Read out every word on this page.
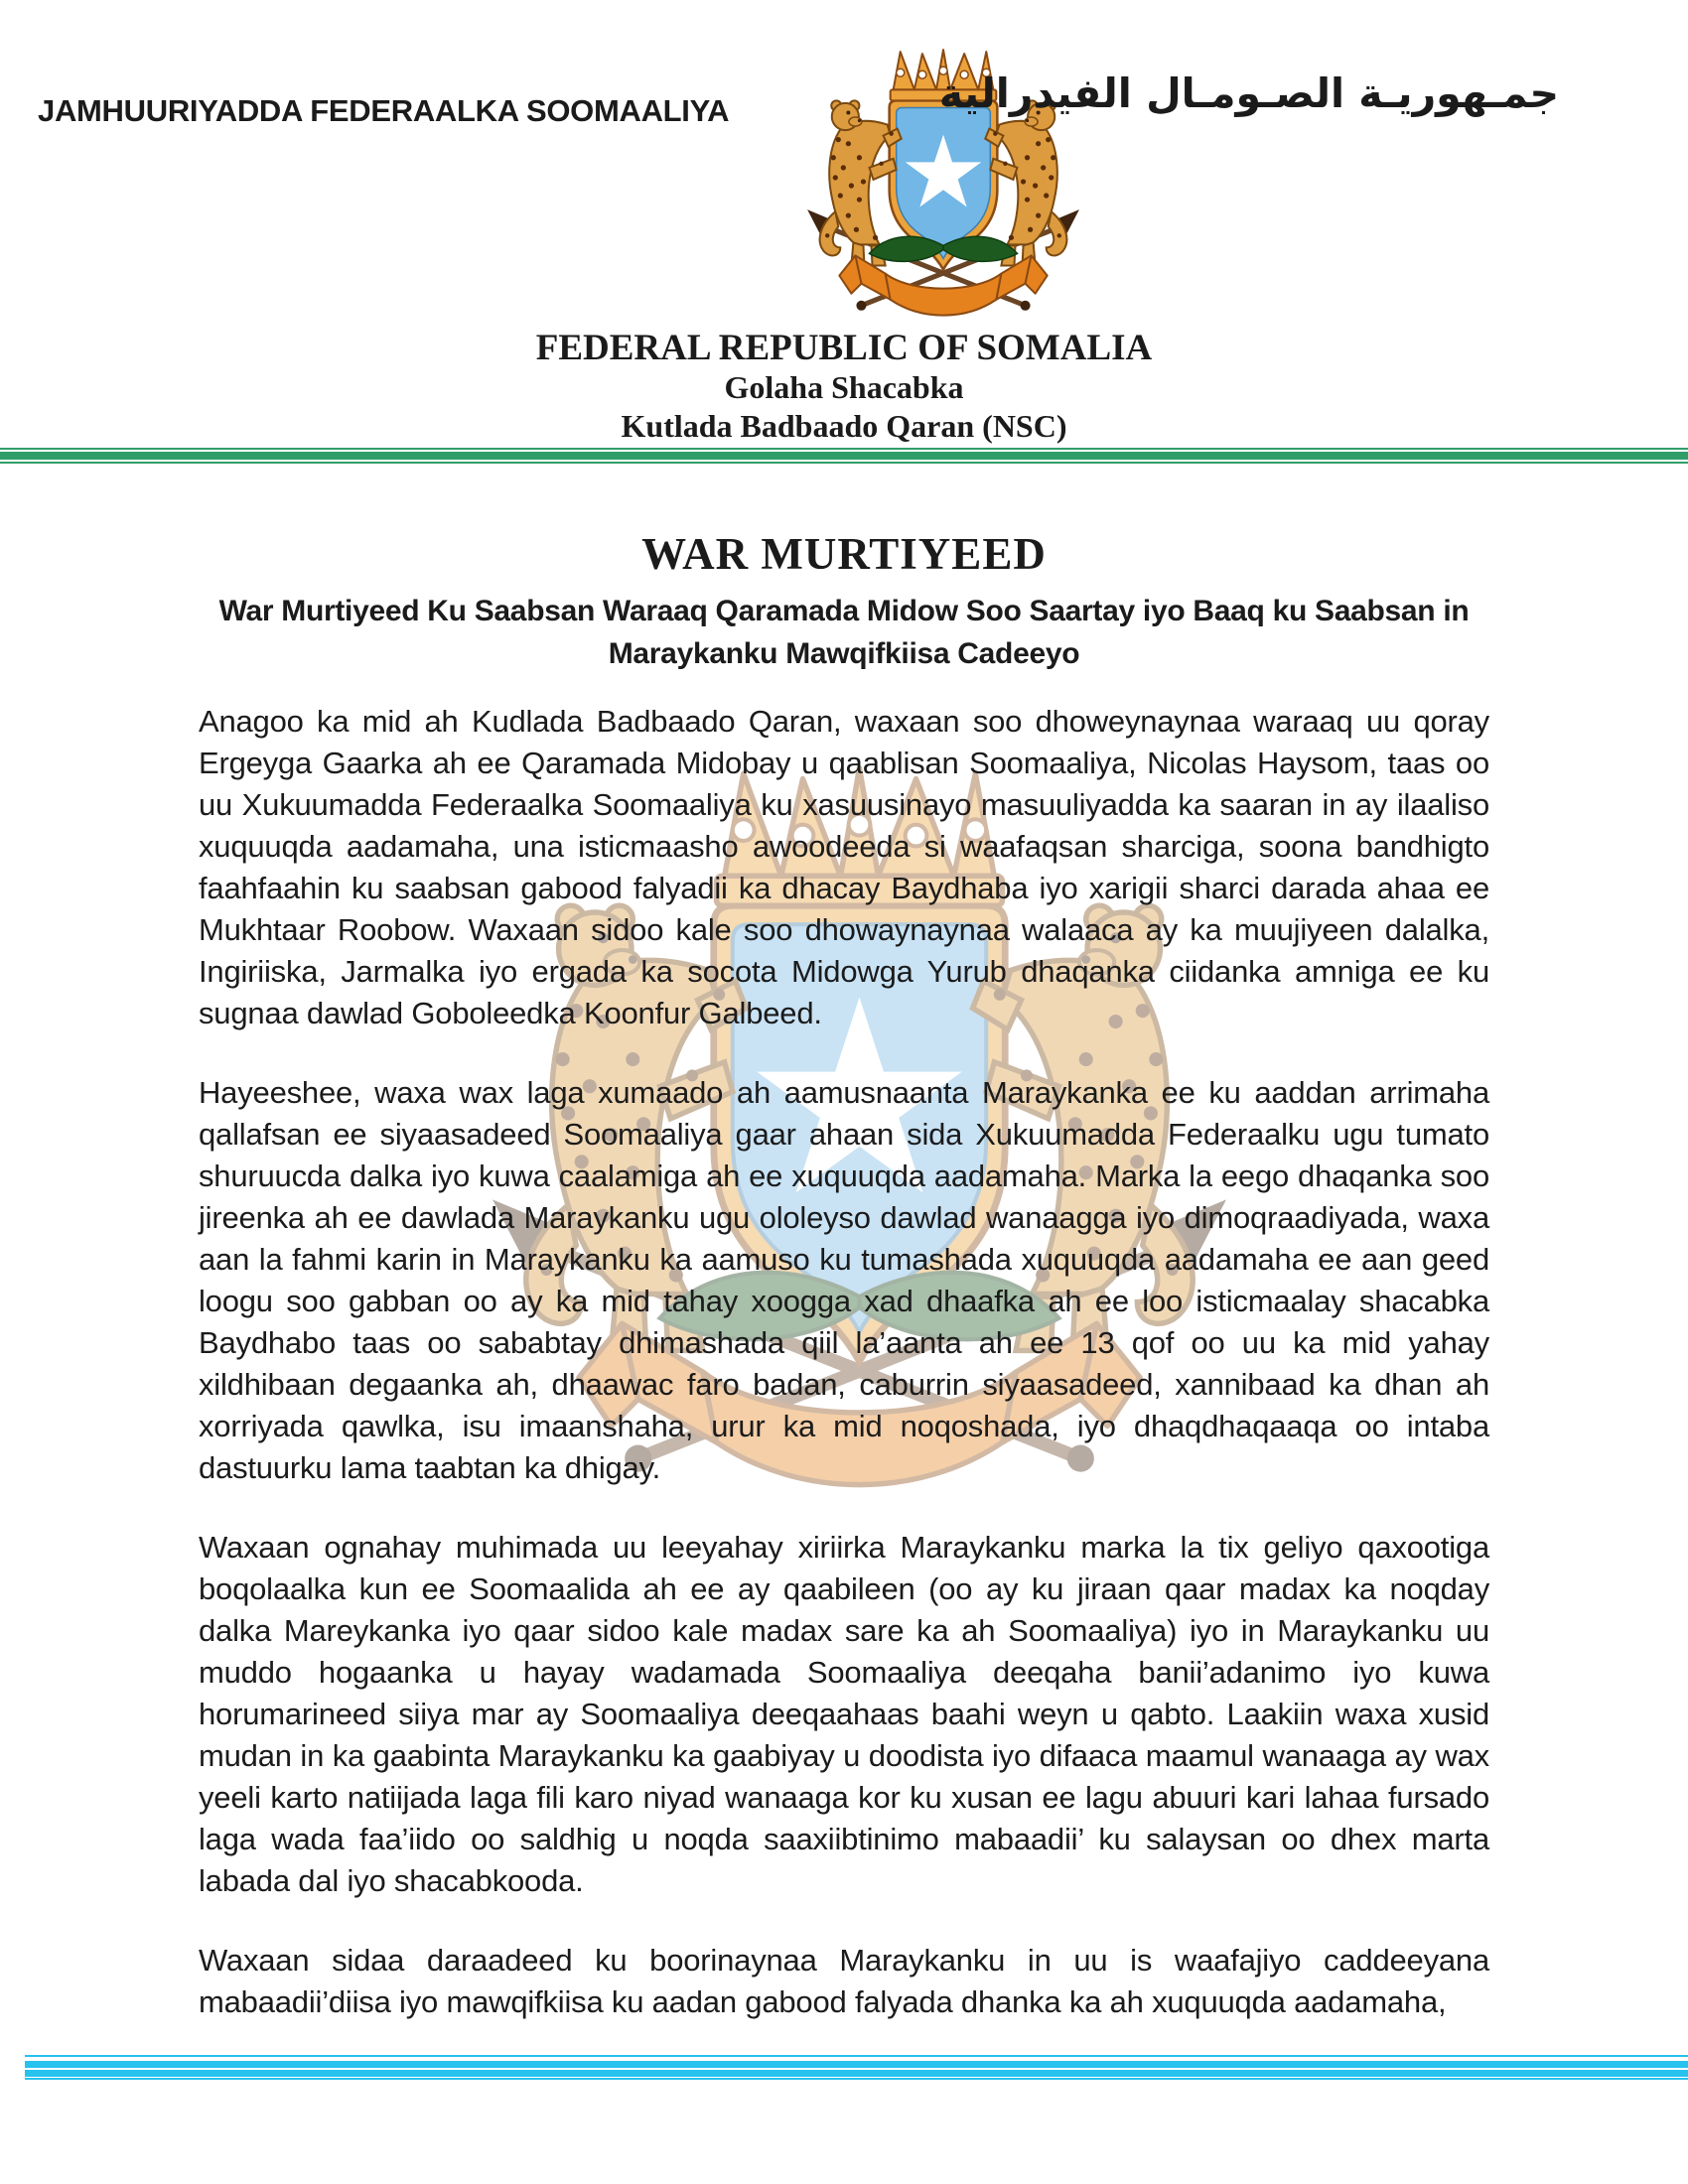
JAMHUURIYADDA FEDERAALKA SOOMAALIYA	جمـهوريـة الصـومـال الفيدرالية
FEDERAL REPUBLIC OF SOMALIA
Golaha Shacabka
Kutlada Badbaado Qaran (NSC)
WAR MURTIYEED
War Murtiyeed Ku Saabsan Waraaq Qaramada Midow Soo Saartay iyo Baaq ku Saabsan in Maraykanku Mawqifkiisa Cadeeyo

Anagoo ka mid ah Kudlada Badbaado Qaran, waxaan soo dhoweynaynaa waraaq uu qoray Ergeyga Gaarka ah ee Qaramada Midobay u qaablisan Soomaaliya, Nicolas Haysom, taas oo uu Xukuumadda Federaalka Soomaaliya ku xasuusinayo masuuliyadda ka saaran in ay ilaaliso xuquuqda aadamaha, una isticmaasho awoodeeda si waafaqsan sharciga, soona bandhigto faahfaahin ku saabsan gabood falyadii ka dhacay Baydhaba iyo xarigii sharci darada ahaa ee Mukhtaar Roobow. Waxaan sidoo kale soo dhowaynaynaa walaaca ay ka muujiyeen dalalka, Ingiriiska, Jarmalka iyo ergada ka socota Midowga Yurub dhaqanka ciidanka amniga ee ku sugnaa dawlad Goboleedka Koonfur Galbeed.

Hayeeshee, waxa wax laga xumaado ah aamusnaanta Maraykanka ee ku aaddan arrimaha qallafsan ee siyaasadeed Soomaaliya gaar ahaan sida Xukuumadda Federaalku ugu tumato shuruucda dalka iyo kuwa caalamiga ah ee xuquuqda aadamaha. Marka la eego dhaqanka soo jireenka ah ee dawlada Maraykanku ugu ololeyso dawlad wanaagga iyo dimoqraadiyada, waxa aan la fahmi karin in Maraykanku ka aamuso ku tumashada xuquuqda aadamaha ee aan geed loogu soo gabban oo ay ka mid tahay xoogga xad dhaafka ah ee loo isticmaalay shacabka Baydhabo taas oo sababtay dhimashada qiil la’aanta ah ee 13 qof oo uu ka mid yahay xildhibaan degaanka ah, dhaawac faro badan, caburrin siyaasadeed, xannibaad ka dhan ah xorriyada qawlka, isu imaanshaha, urur ka mid noqoshada, iyo dhaqdhaqaaqa oo intaba dastuurku lama taabtan ka dhigay.

Waxaan ognahay muhimada uu leeyahay xiriirka Maraykanku marka la tix geliyo qaxootiga boqolaalka kun ee Soomaalida ah ee ay qaabileen (oo ay ku jiraan qaar madax ka noqday dalka Mareykanka iyo qaar sidoo kale madax sare ka ah Soomaaliya) iyo in Maraykanku uu muddo hogaanka u hayay wadamada Soomaaliya deeqaha banii’adanimo iyo kuwa horumarineed siiya mar ay Soomaaliya deeqaahaas baahi weyn u qabto. Laakiin waxa xusid mudan in ka gaabinta Maraykanku ka gaabiyay u doodista iyo difaaca maamul wanaaga ay wax yeeli karto natiijada laga fili karo niyad wanaaga kor ku xusan ee lagu abuuri kari lahaa fursado laga wada faa’iido oo saldhig u noqda saaxiibtinimo mabaadii’ ku salaysan oo dhex marta labada dal iyo shacabkooda.

Waxaan sidaa daraadeed ku boorinaynaa Maraykanku in uu is waafajiyo caddeeyana mabaadii’diisa iyo mawqifkiisa ku aadan gabood falyada dhanka ka ah xuquuqda aadamaha,
